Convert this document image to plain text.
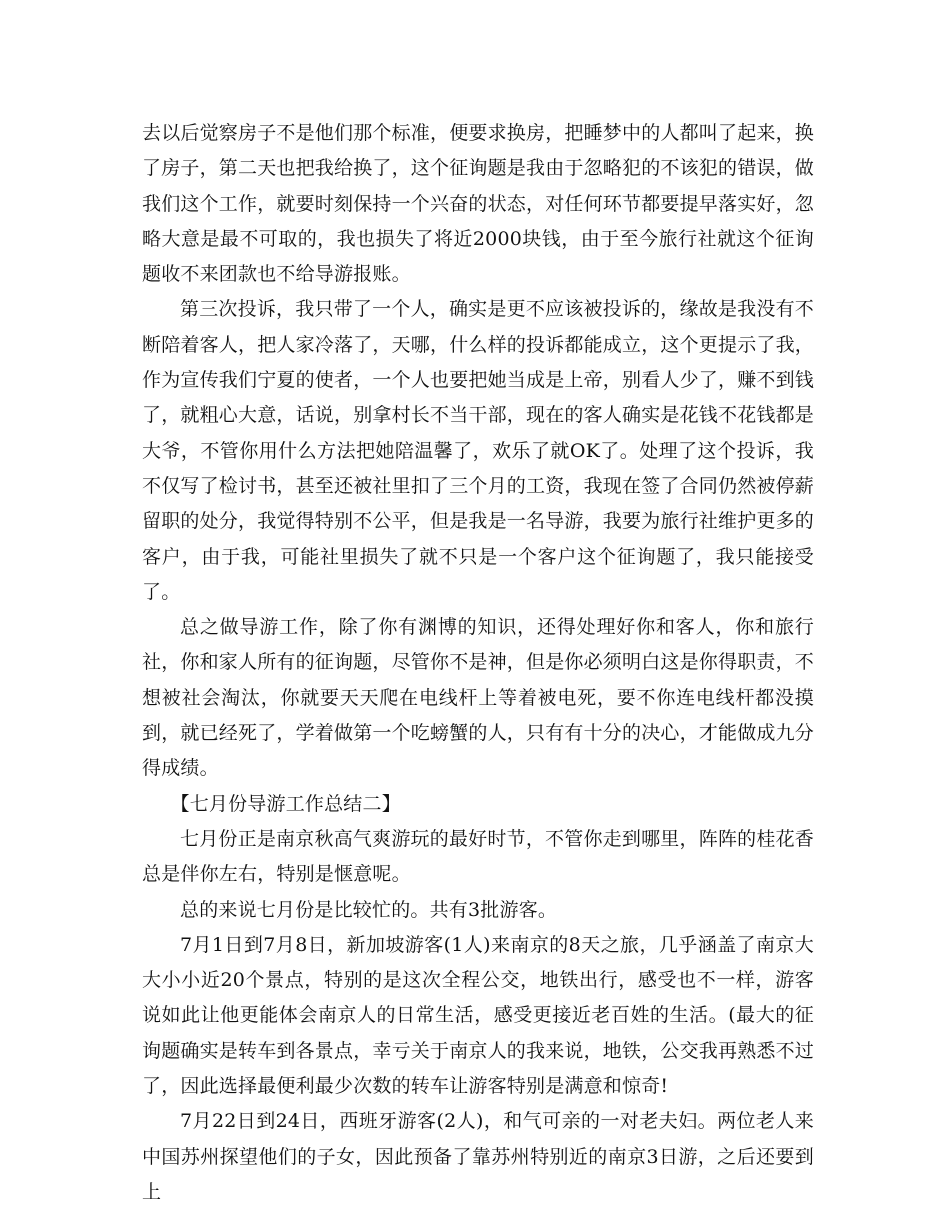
去以后觉察房子不是他们那个标准，便要求换房，把睡梦中的人都叫了起来，换了房子，第二天也把我给换了，这个征询题是我由于忽略犯的不该犯的错误，做我们这个工作，就要时刻保持一个兴奋的状态，对任何环节都要提早落实好，忽略大意是最不可取的，我也损失了将近2000块钱，由于至今旅行社就这个征询题收不来团款也不给导游报账。

第三次投诉，我只带了一个人，确实是更不应该被投诉的，缘故是我没有不断陪着客人，把人家冷落了，天哪，什么样的投诉都能成立，这个更提示了我，作为宣传我们宁夏的使者，一个人也要把她当成是上帝，别看人少了，赚不到钱了，就粗心大意，话说，别拿村长不当干部，现在的客人确实是花钱不花钱都是大爷，不管你用什么方法把她陪温馨了，欢乐了就OK了。处理了这个投诉，我不仅写了检讨书，甚至还被社里扣了三个月的工资，我现在签了合同仍然被停薪留职的处分，我觉得特别不公平，但是我是一名导游，我要为旅行社维护更多的客户，由于我，可能社里损失了就不只是一个客户这个征询题了，我只能接受了。

总之做导游工作，除了你有渊博的知识，还得处理好你和客人，你和旅行社，你和家人所有的征询题，尽管你不是神，但是你必须明白这是你得职责，不想被社会淘汰，你就要天天爬在电线杆上等着被电死，要不你连电线杆都没摸到，就已经死了，学着做第一个吃螃蟹的人，只有有十分的决心，才能做成九分得成绩。

【七月份导游工作总结二】

七月份正是南京秋高气爽游玩的最好时节，不管你走到哪里，阵阵的桂花香总是伴你左右，特别是惬意呢。

总的来说七月份是比较忙的。共有3批游客。

7月1日到7月8日，新加坡游客(1人)来南京的8天之旅，几乎涵盖了南京大大小小近20个景点，特别的是这次全程公交，地铁出行，感受也不一样，游客说如此让他更能体会南京人的日常生活，感受更接近老百姓的生活。(最大的征询题确实是转车到各景点，幸亏关于南京人的我来说，地铁，公交我再熟悉不过了，因此选择最便利最少次数的转车让游客特别是满意和惊奇!

7月22日到24日，西班牙游客(2人)，和气可亲的一对老夫妇。两位老人来中国苏州探望他们的子女，因此预备了靠苏州特别近的南京3日游，之后还要到上
